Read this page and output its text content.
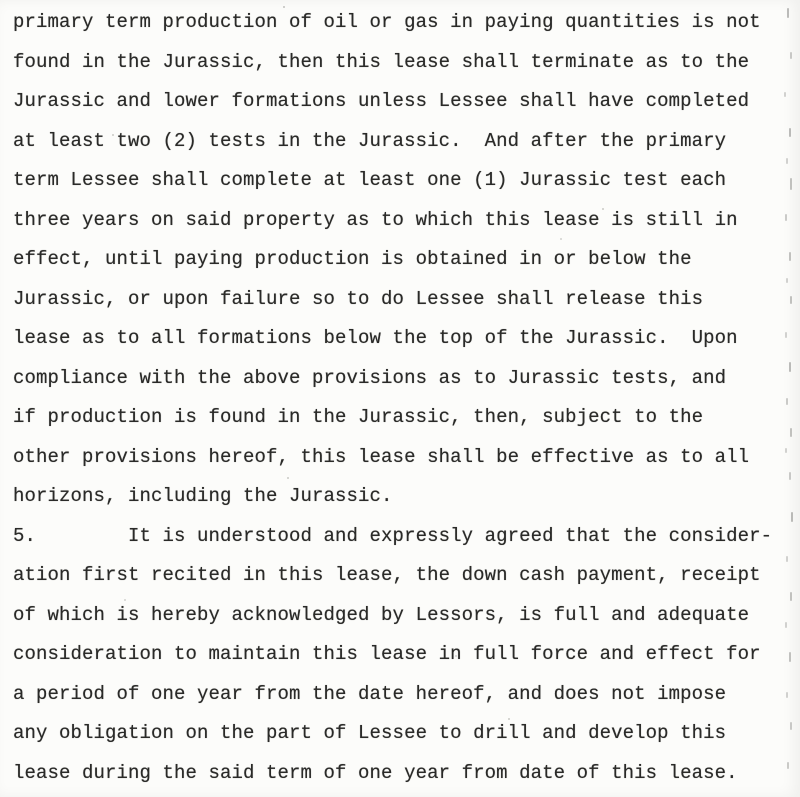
primary term production of oil or gas in paying quantities is not
found in the Jurassic, then this lease shall terminate as to the
Jurassic and lower formations unless Lessee shall have completed
at least two (2) tests in the Jurassic.  And after the primary
term Lessee shall complete at least one (1) Jurassic test each
three years on said property as to which this lease is still in
effect, until paying production is obtained in or below the
Jurassic, or upon failure so to do Lessee shall release this
lease as to all formations below the top of the Jurassic.  Upon
compliance with the above provisions as to Jurassic tests, and
if production is found in the Jurassic, then, subject to the
other provisions hereof, this lease shall be effective as to all
horizons, including the Jurassic.
5.        It is understood and expressly agreed that the consider-
ation first recited in this lease, the down cash payment, receipt
of which is hereby acknowledged by Lessors, is full and adequate
consideration to maintain this lease in full force and effect for
a period of one year from the date hereof, and does not impose
any obligation on the part of Lessee to drill and develop this
lease during the said term of one year from date of this lease.
